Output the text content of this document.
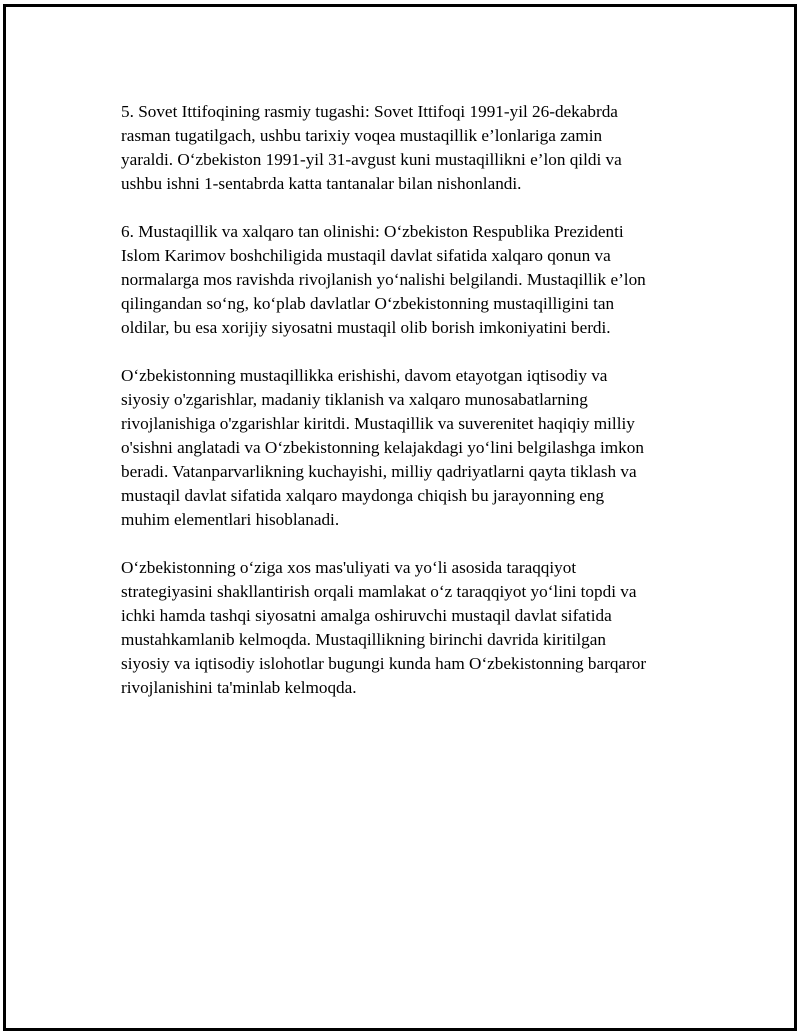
5. Sovet Ittifoqining rasmiy tugashi: Sovet Ittifoqi 1991-yil 26-dekabrda
rasman tugatilgach, ushbu tarixiy voqea mustaqillik e’lonlariga zamin
yaraldi. O‘zbekiston 1991-yil 31-avgust kuni mustaqillikni e’lon qildi va
ushbu ishni 1-sentabrda katta tantanalar bilan nishonlandi.

6. Mustaqillik va xalqaro tan olinishi: O‘zbekiston Respublika Prezidenti
Islom Karimov boshchiligida mustaqil davlat sifatida xalqaro qonun va
normalarga mos ravishda rivojlanish yo‘nalishi belgilandi. Mustaqillik e’lon
qilingandan so‘ng, ko‘plab davlatlar O‘zbekistonning mustaqilligini tan
oldilar, bu esa xorijiy siyosatni mustaqil olib borish imkoniyatini berdi.

O‘zbekistonning mustaqillikka erishishi, davom etayotgan iqtisodiy va
siyosiy o'zgarishlar, madaniy tiklanish va xalqaro munosabatlarning
rivojlanishiga o'zgarishlar kiritdi. Mustaqillik va suverenitet haqiqiy milliy
o'sishni anglatadi va O‘zbekistonning kelajakdagi yo‘lini belgilashga imkon
beradi. Vatanparvarlikning kuchayishi, milliy qadriyatlarni qayta tiklash va
mustaqil davlat sifatida xalqaro maydonga chiqish bu jarayonning eng
muhim elementlari hisoblanadi.

O‘zbekistonning o‘ziga xos mas'uliyati va yo‘li asosida taraqqiyot
strategiyasini shakllantirish orqali mamlakat o‘z taraqqiyot yo‘lini topdi va
ichki hamda tashqi siyosatni amalga oshiruvchi mustaqil davlat sifatida
mustahkamlanib kelmoqda. Mustaqillikning birinchi davrida kiritilgan
siyosiy va iqtisodiy islohotlar bugungi kunda ham O‘zbekistonning barqaror
rivojlanishini ta'minlab kelmoqda.
